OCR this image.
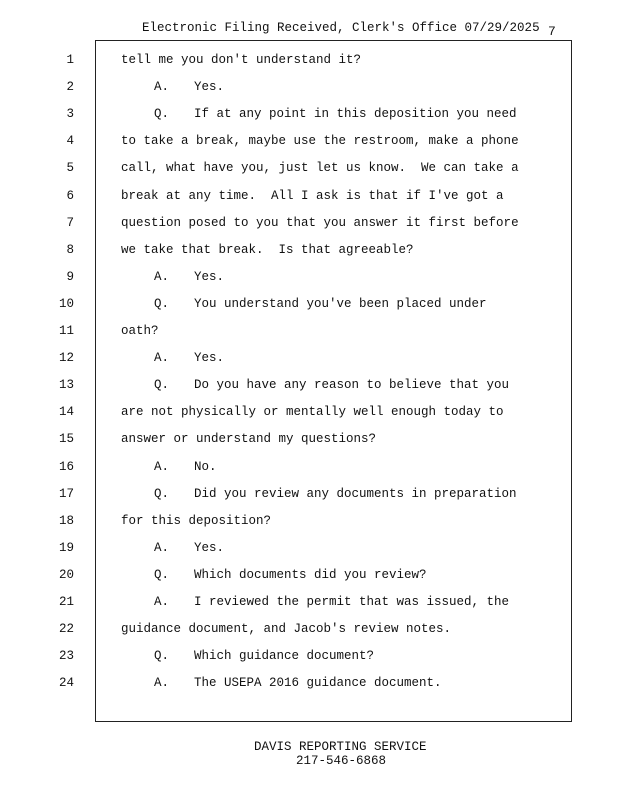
Electronic Filing Received, Clerk's Office 07/29/2025 7
1	tell me you don't understand it?
2	A. Yes.
3	Q. If at any point in this deposition you need
4	to take a break, maybe use the restroom, make a phone
5	call, what have you, just let us know.  We can take a
6	break at any time.  All I ask is that if I've got a
7	question posed to you that you answer it first before
8	we take that break.  Is that agreeable?
9	A. Yes.
10	Q. You understand you've been placed under
11	oath?
12	A. Yes.
13	Q. Do you have any reason to believe that you
14	are not physically or mentally well enough today to
15	answer or understand my questions?
16	A. No.
17	Q. Did you review any documents in preparation
18	for this deposition?
19	A. Yes.
20	Q. Which documents did you review?
21	A. I reviewed the permit that was issued, the
22	guidance document, and Jacob's review notes.
23	Q. Which guidance document?
24	A. The USEPA 2016 guidance document.
DAVIS REPORTING SERVICE
217-546-6868
